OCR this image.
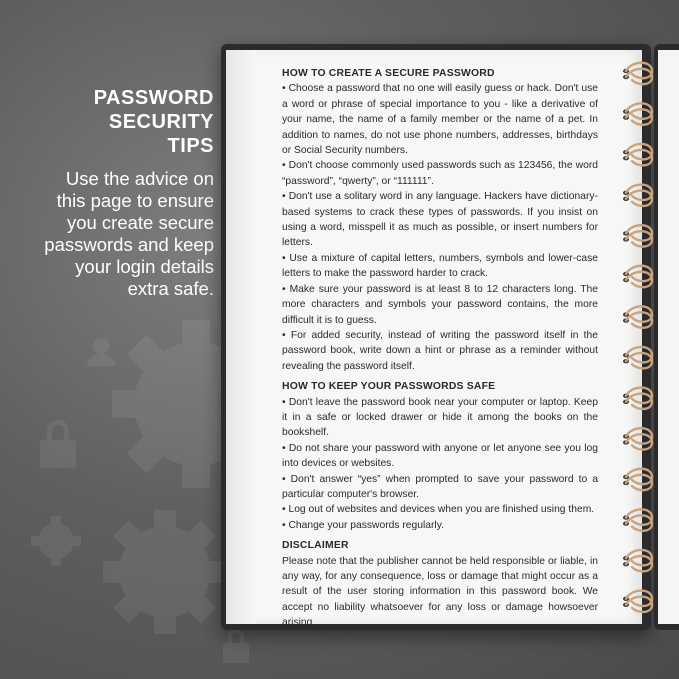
PASSWORD
SECURITY
TIPS
Use the advice on
this page to ensure
you create secure
passwords and keep
your login details
extra safe.
HOW TO CREATE A SECURE PASSWORD

• Choose a password that no one will easily guess or hack. Don't use a word or phrase of special importance to you - like a derivative of your name, the name of a family member or the name of a pet. In addition to names, do not use phone numbers, addresses, birthdays or Social Security numbers.

• Don't choose commonly used passwords such as 123456, the word “password”, “qwerty”, or “111111”.

• Don't use a solitary word in any language. Hackers have dictionary-based systems to crack these types of passwords. If you insist on using a word, misspell it as much as possible, or insert numbers for letters.

• Use a mixture of capital letters, numbers, symbols and lower-case letters to make the password harder to crack.

• Make sure your password is at least 8 to 12 characters long. The more characters and symbols your password contains, the more difficult it is to guess.

• For added security, instead of writing the password itself in the password book, write down a hint or phrase as a reminder without revealing the password itself.

HOW TO KEEP YOUR PASSWORDS SAFE

• Don't leave the password book near your computer or laptop. Keep it in a safe or locked drawer or hide it among the books on the bookshelf.

• Do not share your password with anyone or let anyone see you log into devices or websites.

• Don't answer “yes” when prompted to save your password to a particular computer's browser.

• Log out of websites and devices when you are finished using them.

• Change your passwords regularly.

DISCLAIMER

Please note that the publisher cannot be held responsible or liable, in any way, for any consequence, loss or damage that might occur as a result of the user storing information in this password book. We accept no liability whatsoever for any loss or damage howsoever arising.
